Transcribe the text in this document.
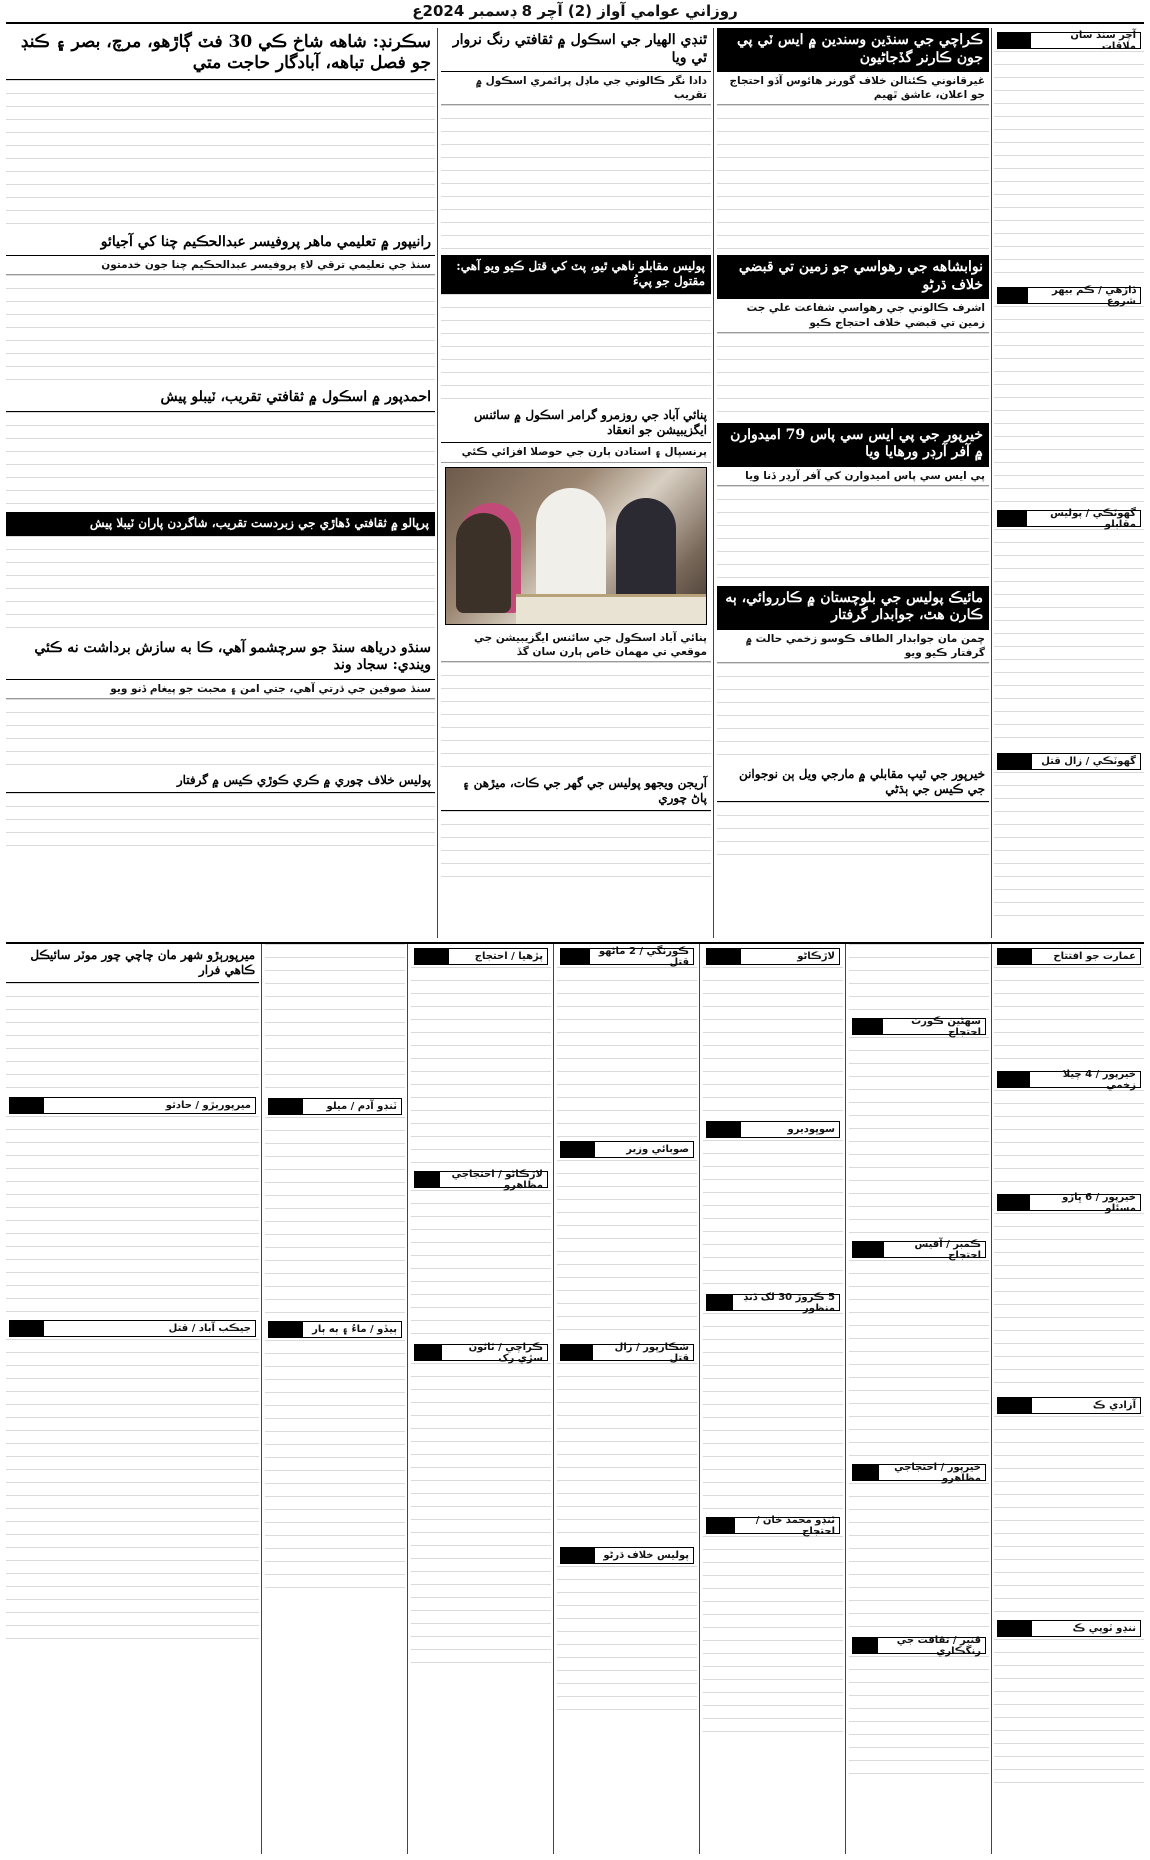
روزاني عوامي آواز (2) آچر 8 ڊسمبر 2024ع
آچر سنڌ سان ملاقات
ڏاڙهي / ڪم بيهر شروع
گهوٽڪي / پوليس مقابلو
گهوٽڪي / زال قتل
ڪراچي جي سنڌين وسندين ۾ ايس ٽي پي جون ڪارنر گڏجاڻيون
غيرقانوني ڪئنالن خلاف گورنر هائوس آڏو احتجاج جو اعلان، عاشق ٿهيم
نوابشاهه جي رهواسي جو زمين تي قبضي خلاف ڌرڻو
اشرف ڪالوني جي رهواسي شفاعت علي جت زمين تي قبضي خلاف احتجاج ڪيو
خيرپور جي پي ايس سي پاس 79 اميدوارن ۾ آفر آرڊر ورهايا ويا
پي ايس سي پاس اميدوارن کي آفر آرڊر ڏنا ويا
مائيڪ پوليس جي بلوچستان ۾ ڪارروائي، ٻه ڪارن هٿ، جوابدار گرفتار
چمن مان جوابدار الطاف ڪوسو زخمي حالت ۾ گرفتار ڪيو ويو
خيرپور جي ٿيپ مقابلي ۾ مارجي ويل ٻن نوجوانن جي ڪيس جي ٻڌڻي
ٿنڊي الهيار جي اسڪول ۾ ثقافتي رنگ نروار ٿي ويا
دادا نگر ڪالوني جي ماڊل پرائمري اسڪول ۾ تقريب
پوليس مقابلو ناهي ٿيو، پٽ کي قتل ڪيو ويو آهي: مقتول جو پيءُ
پنائي آباد جي روزمرو گرامر اسڪول ۾ سائنس ايگزيبيشن جو انعقاد
پرنسپال ۽ استادن ٻارن جي حوصلا افزائي ڪئي
پنائي آباد اسڪول جي سائنس ايگزيبيشن جي موقعي تي مهمان خاص ٻارن سان گڏ
آريجن ويجهو پوليس جي گهر جي ڪات، ميڙهن ۽ پاڻ چوري
سڪرنڊ: شاهه شاخ ڪي 30 فٽ ڳاڙهو، مرچ، بصر ۽ ڪنڊ جو فصل تباهه، آبادگار حاجت متي
رانيپور ۾ تعليمي ماهر پروفيسر عبدالحڪيم چنا کي آجيائو
سنڌ جي تعليمي ترقي لاءِ پروفيسر عبدالحڪيم چنا جون خدمتون
احمدپور ۾ اسڪول ۾ ثقافتي تقريب، ٽيبلو پيش
پرپالو ۾ ثقافتي ڏهاڙي جي زبردست تقريب، شاگردن پاران ٽيبلا پيش
سنڌو درياهه سنڌ جو سرچشمو آهي، ڪا به سازش برداشت نه ڪئي ويندي: سجاد وند
سنڌ صوفين جي ڌرتي آهي، جتي امن ۽ محبت جو پيغام ڏنو ويو
پوليس خلاف چوري ۾ ڪري ڪوڙي ڪيس ۾ گرفتار
عمارت جو افتتاح
خيرپور / 4 چيلا زخمي
خيرپور / 6 ڀاڙو مسئلو
آزادي ڪ
ننڍو ٽوپي ڪ
سهڻين ڪورٽ احتجاج
ڪمبر / آفيس احتجاج
خيرپور / احتجاجي مظاهرو
قنبر / ثقافت جي رنگڪاري
لاڙڪاڻو
سوڀوديرو
5 ڪروڙ 30 لک ڏنڊ منظور
ٽنڊو محمد خان / احتجاج
ڪورنگي / 2 ماڻهو قتل
صوبائي وزير
شڪارپور / زال قتل
پوليس خلاف ڌرڻو
پڙهيا / احتجاج
لاڙڪاڻو / احتجاجي مظاهرو
ڪراچي / ٽائون سڙي رک
ٽنڊو آدم / ميلو
ٻيڏو / ماءُ ۽ ٻه ٻار
ميرپورٻڙو شهر مان چاچي چور موٽر سائيڪل ڪاهي فرار
ميرپورٻڙو / حادثو
جيڪب آباد / قتل
